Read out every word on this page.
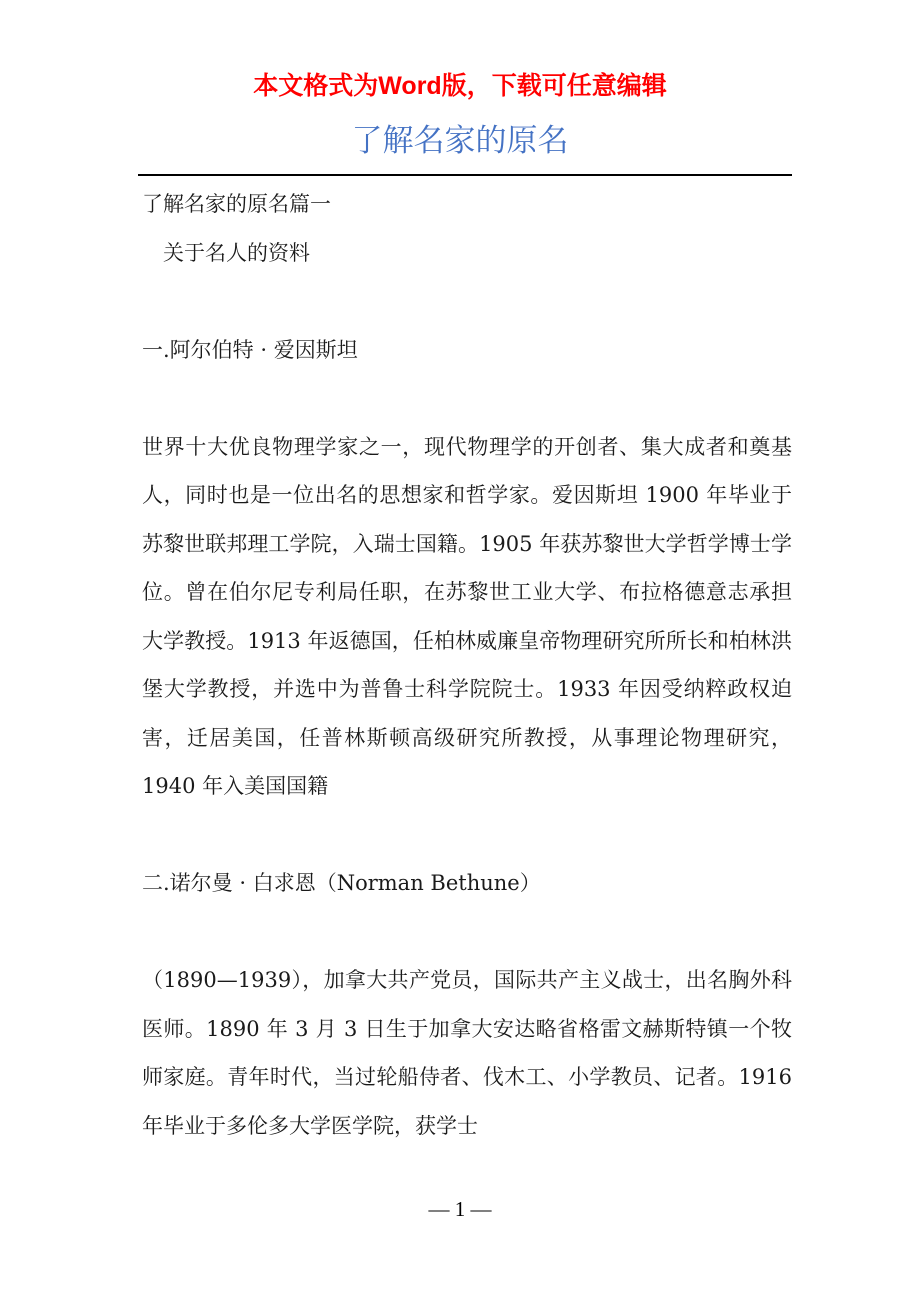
本文格式为Word版，下载可任意编辑
了解名家的原名

了解名家的原名篇一

关于名人的资料

一.阿尔伯特 · 爱因斯坦

世界十大优良物理学家之一，现代物理学的开创者、集大成者和奠基人，同时也是一位出名的思想家和哲学家。爱因斯坦 1900 年毕业于苏黎世联邦理工学院，入瑞士国籍。1905 年获苏黎世大学哲学博士学位。曾在伯尔尼专利局任职，在苏黎世工业大学、布拉格德意志承担大学教授。1913 年返德国，任柏林威廉皇帝物理研究所所长和柏林洪堡大学教授，并选中为普鲁士科学院院士。1933 年因受纳粹政权迫害，迁居美国，任普林斯顿高级研究所教授，从事理论物理研究，1940 年入美国国籍

二.诺尔曼 · 白求恩（Norman Bethune）

（1890—1939），加拿大共产党员，国际共产主义战士，出名胸外科医师。1890 年 3 月 3 日生于加拿大安达略省格雷文赫斯特镇一个牧师家庭。青年时代，当过轮船侍者、伐木工、小学教员、记者。1916 年毕业于多伦多大学医学院，获学士

— 1 —
